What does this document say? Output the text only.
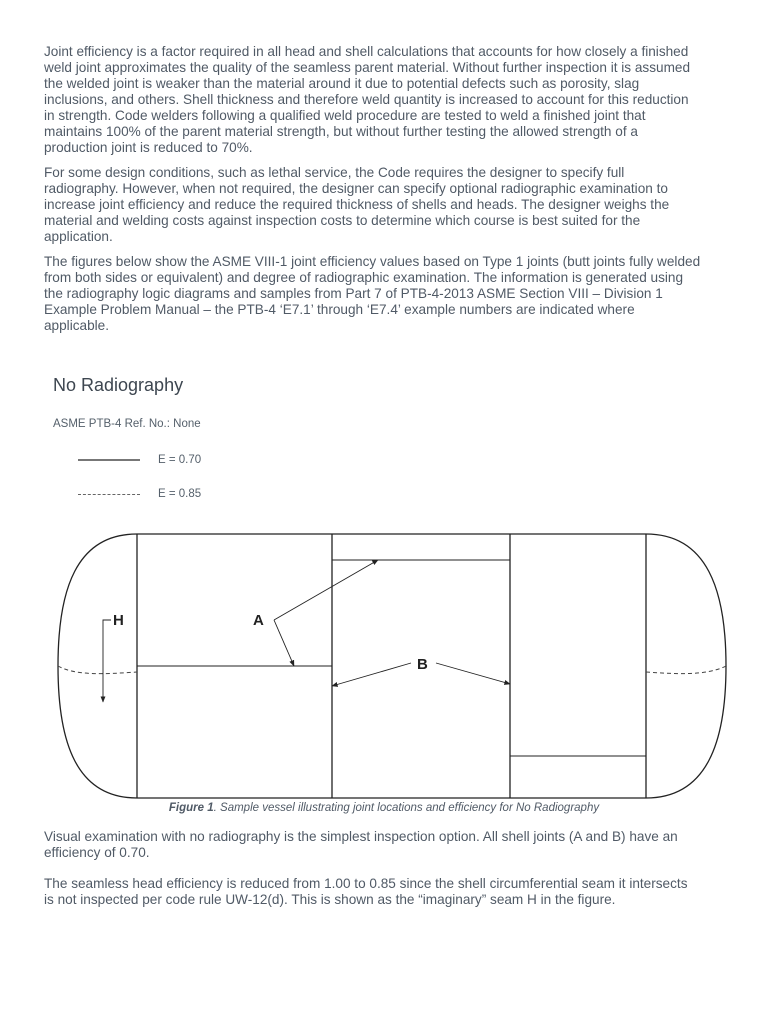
Joint efficiency is a factor required in all head and shell calculations that accounts for how closely a finished
weld joint approximates the quality of the seamless parent material. Without further inspection it is assumed
the welded joint is weaker than the material around it due to potential defects such as porosity, slag
inclusions, and others. Shell thickness and therefore weld quantity is increased to account for this reduction
in strength. Code welders following a qualified weld procedure are tested to weld a finished joint that
maintains 100% of the parent material strength, but without further testing the allowed strength of a
production joint is reduced to 70%.

For some design conditions, such as lethal service, the Code requires the designer to specify full
radiography. However, when not required, the designer can specify optional radiographic examination to
increase joint efficiency and reduce the required thickness of shells and heads. The designer weighs the
material and welding costs against inspection costs to determine which course is best suited for the
application.

The figures below show the ASME VIII-1 joint efficiency values based on Type 1 joints (butt joints fully welded
from both sides or equivalent) and degree of radiographic examination. The information is generated using
the radiography logic diagrams and samples from Part 7 of PTB-4-2013 ASME Section VIII – Division 1
Example Problem Manual – the PTB-4 ‘E7.1’ through ‘E7.4’ example numbers are indicated where
applicable.

No Radiography
ASME PTB-4 Ref. No.: None
E = 0.70
E = 0.85
H	A
B
Figure 1. Sample vessel illustrating joint locations and efficiency for No Radiography

Visual examination with no radiography is the simplest inspection option. All shell joints (A and B) have an
efficiency of 0.70.

The seamless head efficiency is reduced from 1.00 to 0.85 since the shell circumferential seam it intersects
is not inspected per code rule UW-12(d). This is shown as the “imaginary” seam H in the figure.
